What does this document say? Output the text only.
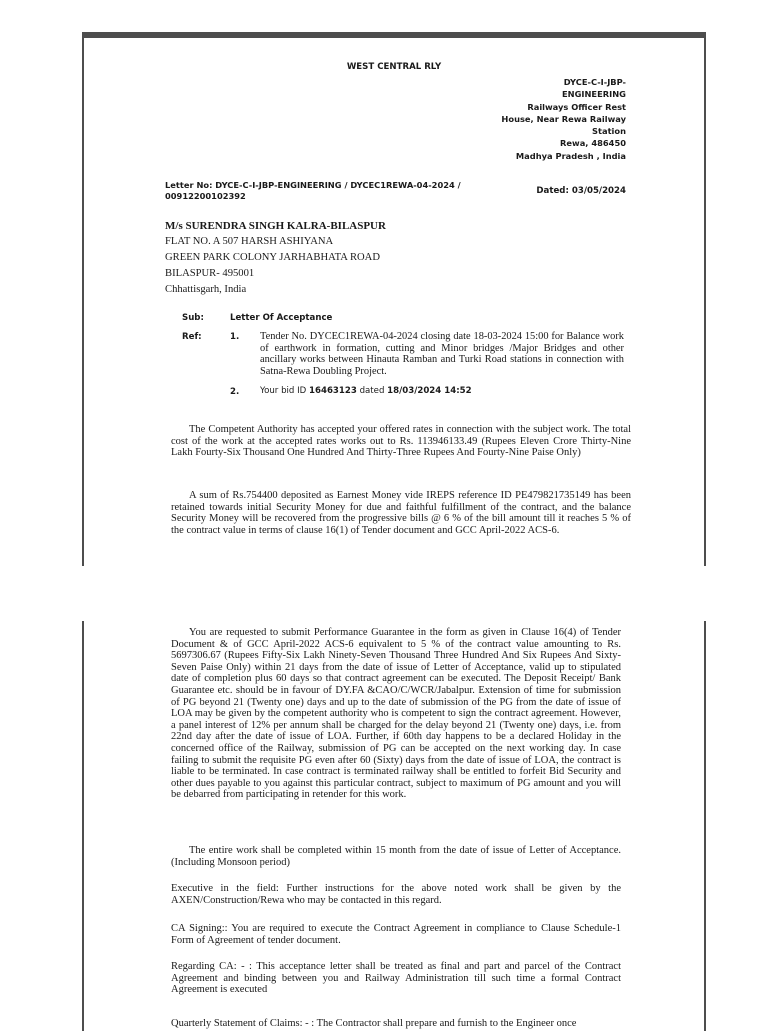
WEST CENTRAL RLY
DYCE-C-I-JBP-
ENGINEERING
Railways Officer Rest
House, Near Rewa Railway
Station
Rewa, 486450
Madhya Pradesh , India
Letter No: DYCE-C-I-JBP-ENGINEERING / DYCEC1REWA-04-2024 /
00912200102392	Dated: 03/05/2024
M/s SURENDRA SINGH KALRA-BILASPUR
FLAT NO. A 507 HARSH ASHIYANA
GREEN PARK COLONY JARHABHATA ROAD
BILASPUR- 495001
Chhattisgarh, India
Sub:	Letter Of Acceptance
Ref:	1. Tender No. DYCEC1REWA-04-2024 closing date 18-03-2024 15:00 for Balance work of earthwork in formation, cutting and Minor bridges /Major Bridges and other ancillary works between Hinauta Ramban and Turki Road stations in connection with Satna-Rewa Doubling Project.
2. Your bid ID 16463123 dated 18/03/2024 14:52
The Competent Authority has accepted your offered rates in connection with the subject work. The total cost of the work at the accepted rates works out to Rs. 113946133.49 (Rupees Eleven Crore Thirty-Nine Lakh Fourty-Six Thousand One Hundred And Thirty-Three Rupees And Fourty-Nine Paise Only)
A sum of Rs.754400 deposited as Earnest Money vide IREPS reference ID PE479821735149 has been retained towards initial Security Money for due and faithful fulfillment of the contract, and the balance Security Money will be recovered from the progressive bills @ 6 % of the bill amount till it reaches 5 % of the contract value in terms of clause 16(1) of Tender document and GCC April-2022 ACS-6.
You are requested to submit Performance Guarantee in the form as given in Clause 16(4) of Tender Document & of GCC April-2022 ACS-6 equivalent to 5 % of the contract value amounting to Rs. 5697306.67 (Rupees Fifty-Six Lakh Ninety-Seven Thousand Three Hundred And Six Rupees And Sixty-Seven Paise Only) within 21 days from the date of issue of Letter of Acceptance, valid up to stipulated date of completion plus 60 days so that contract agreement can be executed. The Deposit Receipt/ Bank Guarantee etc. should be in favour of DY.FA &CAO/C/WCR/Jabalpur. Extension of time for submission of PG beyond 21 (Twenty one) days and up to the date of submission of the PG from the date of issue of LOA may be given by the competent authority who is competent to sign the contract agreement. However, a panel interest of 12% per annum shall be charged for the delay beyond 21 (Twenty one) days, i.e. from 22nd day after the date of issue of LOA. Further, if 60th day happens to be a declared Holiday in the concerned office of the Railway, submission of PG can be accepted on the next working day. In case failing to submit the requisite PG even after 60 (Sixty) days from the date of issue of LOA, the contract is liable to be terminated. In case contract is terminated railway shall be entitled to forfeit Bid Security and other dues payable to you against this particular contract, subject to maximum of PG amount and you will be debarred from participating in retender for this work.
The entire work shall be completed within 15 month from the date of issue of Letter of Acceptance. (Including Monsoon period)
Executive in the field: Further instructions for the above noted work shall be given by the AXEN/Construction/Rewa who may be contacted in this regard.
CA Signing:: You are required to execute the Contract Agreement in compliance to Clause Schedule-1 Form of Agreement of tender document.
Regarding CA: - : This acceptance letter shall be treated as final and part and parcel of the Contract Agreement and binding between you and Railway Administration till such time a formal Contract Agreement is executed
Quarterly Statement of Claims: - : The Contractor shall prepare and furnish to the Engineer once
